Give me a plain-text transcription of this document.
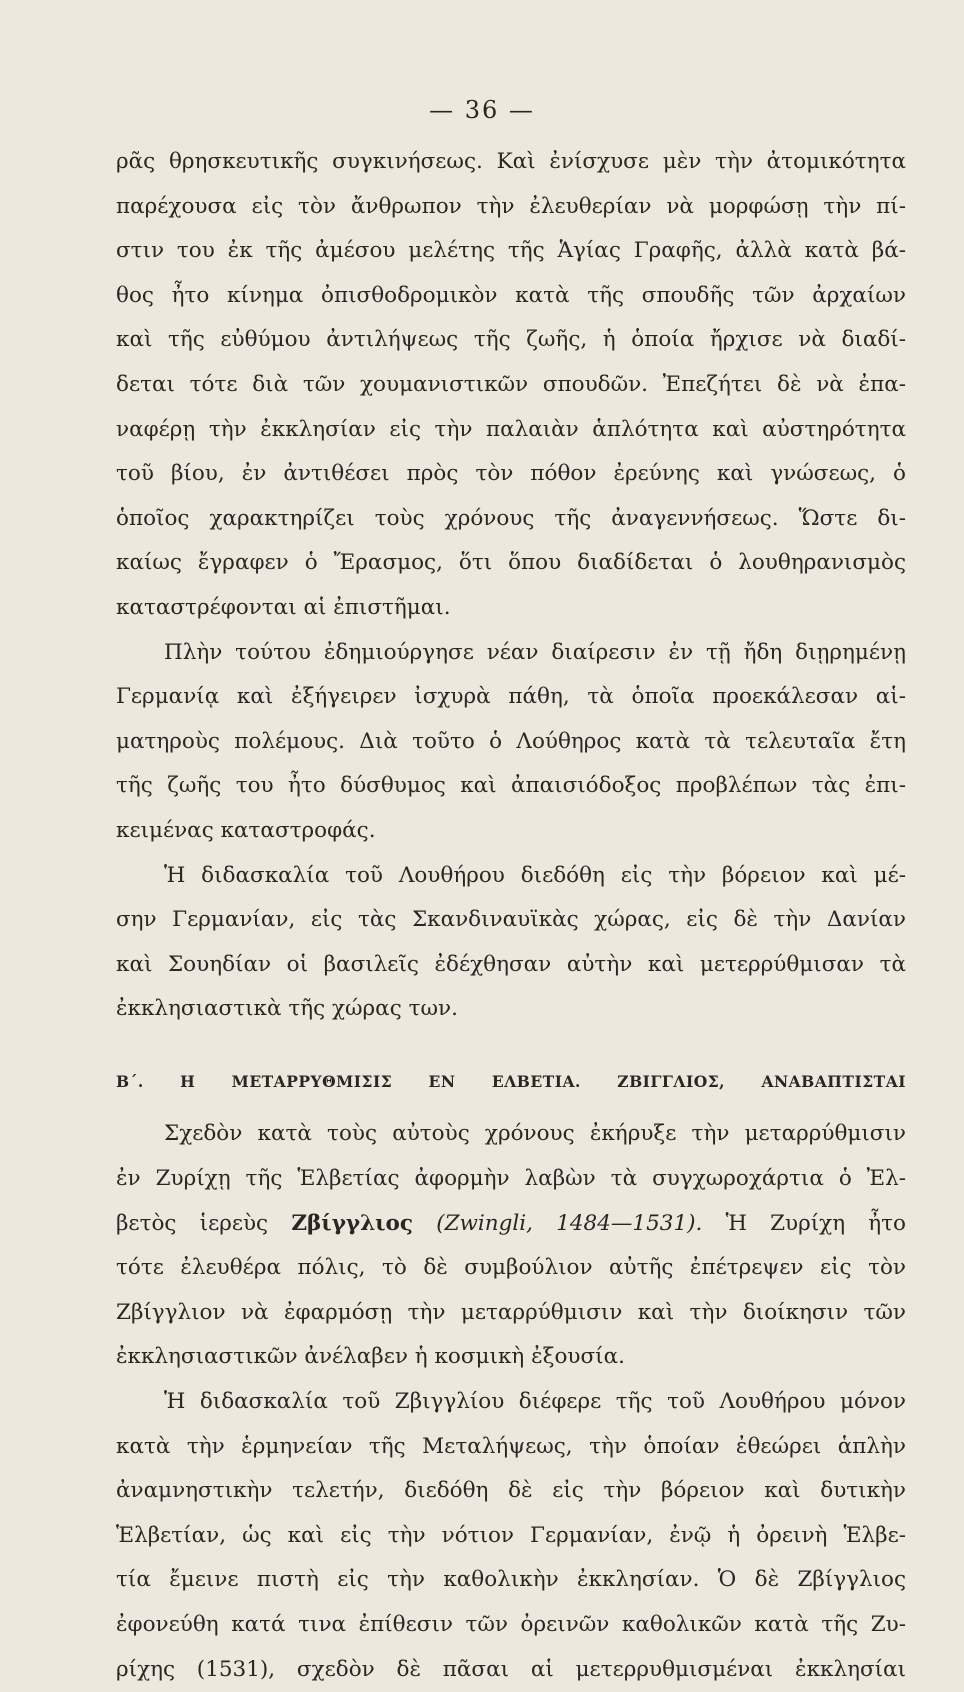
— 36 —
ρᾶς θρησκευτικῆς συγκινήσεως. Καὶ ἐνίσχυσε μὲν τὴν ἀτομικότητα
παρέχουσα εἰς τὸν ἄνθρωπον τὴν ἐλευθερίαν νὰ μορφώσῃ τὴν πί-
στιν του ἐκ τῆς ἀμέσου μελέτης τῆς Ἁγίας Γραφῆς, ἀλλὰ κατὰ βά-
θος ἦτο κίνημα ὀπισθοδρομικὸν κατὰ τῆς σπουδῆς τῶν ἀρχαίων
καὶ τῆς εὐθύμου ἀντιλήψεως τῆς ζωῆς, ἡ ὁποία ἤρχισε νὰ διαδί-
δεται τότε διὰ τῶν χουμανιστικῶν σπουδῶν. Ἐπεζήτει δὲ νὰ ἐπα-
ναφέρῃ τὴν ἐκκλησίαν εἰς τὴν παλαιὰν ἁπλότητα καὶ αὐστηρότητα
τοῦ βίου, ἐν ἀντιθέσει πρὸς τὸν πόθον ἐρεύνης καὶ γνώσεως, ὁ
ὁποῖος χαρακτηρίζει τοὺς χρόνους τῆς ἀναγεννήσεως. Ὥστε δι-
καίως ἔγραφεν ὁ Ἔρασμος, ὅτι ὅπου διαδίδεται ὁ λουθηρανισμὸς
καταστρέφονται αἱ ἐπιστῆμαι.
Πλὴν τούτου ἐδημιούργησε νέαν διαίρεσιν ἐν τῇ ἤδη διῃρημένῃ
Γερμανίᾳ καὶ ἐξήγειρεν ἰσχυρὰ πάθη, τὰ ὁποῖα προεκάλεσαν αἱ-
ματηροὺς πολέμους. Διὰ τοῦτο ὁ Λούθηρος κατὰ τὰ τελευταῖα ἔτη
τῆς ζωῆς του ἦτο δύσθυμος καὶ ἀπαισιόδοξος προβλέπων τὰς ἐπι-
κειμένας καταστροφάς.
Ἡ διδασκαλία τοῦ Λουθήρου διεδόθη εἰς τὴν βόρειον καὶ μέ-
σην Γερμανίαν, εἰς τὰς Σκανδιναυϊκὰς χώρας, εἰς δὲ τὴν Δανίαν
καὶ Σουηδίαν οἱ βασιλεῖς ἐδέχθησαν αὐτὴν καὶ μετερρύθμισαν τὰ
ἐκκλησιαστικὰ τῆς χώρας των.
Β΄. Η ΜΕΤΑΡΡΥΘΜΙΣΙΣ ΕΝ ΕΛΒΕΤΙΑ. ΖΒΙΓΓΛΙΟΣ, ΑΝΑΒΑΠΤΙΣΤΑΙ
Σχεδὸν κατὰ τοὺς αὐτοὺς χρόνους ἐκήρυξε τὴν μεταρρύθμισιν
ἐν Ζυρίχῃ τῆς Ἑλβετίας ἀφορμὴν λαβὼν τὰ συγχωροχάρτια ὁ Ἐλ-
βετὸς ἱερεὺς Ζβίγγλιος (Zwingli, 1484—1531). Ἡ Ζυρίχη ἦτο
τότε ἐλευθέρα πόλις, τὸ δὲ συμβούλιον αὐτῆς ἐπέτρεψεν εἰς τὸν
Ζβίγγλιον νὰ ἐφαρμόσῃ τὴν μεταρρύθμισιν καὶ τὴν διοίκησιν τῶν
ἐκκλησιαστικῶν ἀνέλαβεν ἡ κοσμικὴ ἐξουσία.
Ἡ διδασκαλία τοῦ Ζβιγγλίου διέφερε τῆς τοῦ Λουθήρου μόνον
κατὰ τὴν ἑρμηνείαν τῆς Μεταλήψεως, τὴν ὁποίαν ἐθεώρει ἁπλὴν
ἀναμνηστικὴν τελετήν, διεδόθη δὲ εἰς τὴν βόρειον καὶ δυτικὴν
Ἑλβετίαν, ὡς καὶ εἰς τὴν νότιον Γερμανίαν, ἐνῷ ἡ ὀρεινὴ Ἑλβε-
τία ἔμεινε πιστὴ εἰς τὴν καθολικὴν ἐκκλησίαν. Ὁ δὲ Ζβίγγλιος
ἐφονεύθη κατά τινα ἐπίθεσιν τῶν ὀρεινῶν καθολικῶν κατὰ τῆς Ζυ-
ρίχης (1531), σχεδὸν δὲ πᾶσαι αἱ μετερρυθμισμέναι ἐκκλησίαι
